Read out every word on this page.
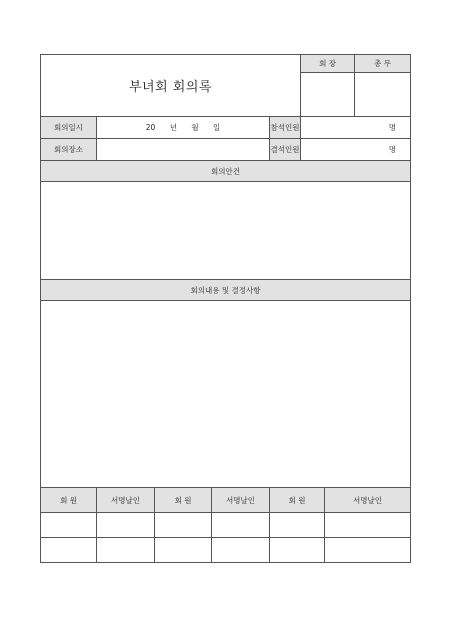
부녀회 회의록					회 장		총 무

회의일시	20 년 월 일			참석인원	명		
회의장소				결석인원	명		
회의안건							

회의내용 및 결정사항							

회 원	서명날인	회 원	서명날인	회 원		서명날인	
